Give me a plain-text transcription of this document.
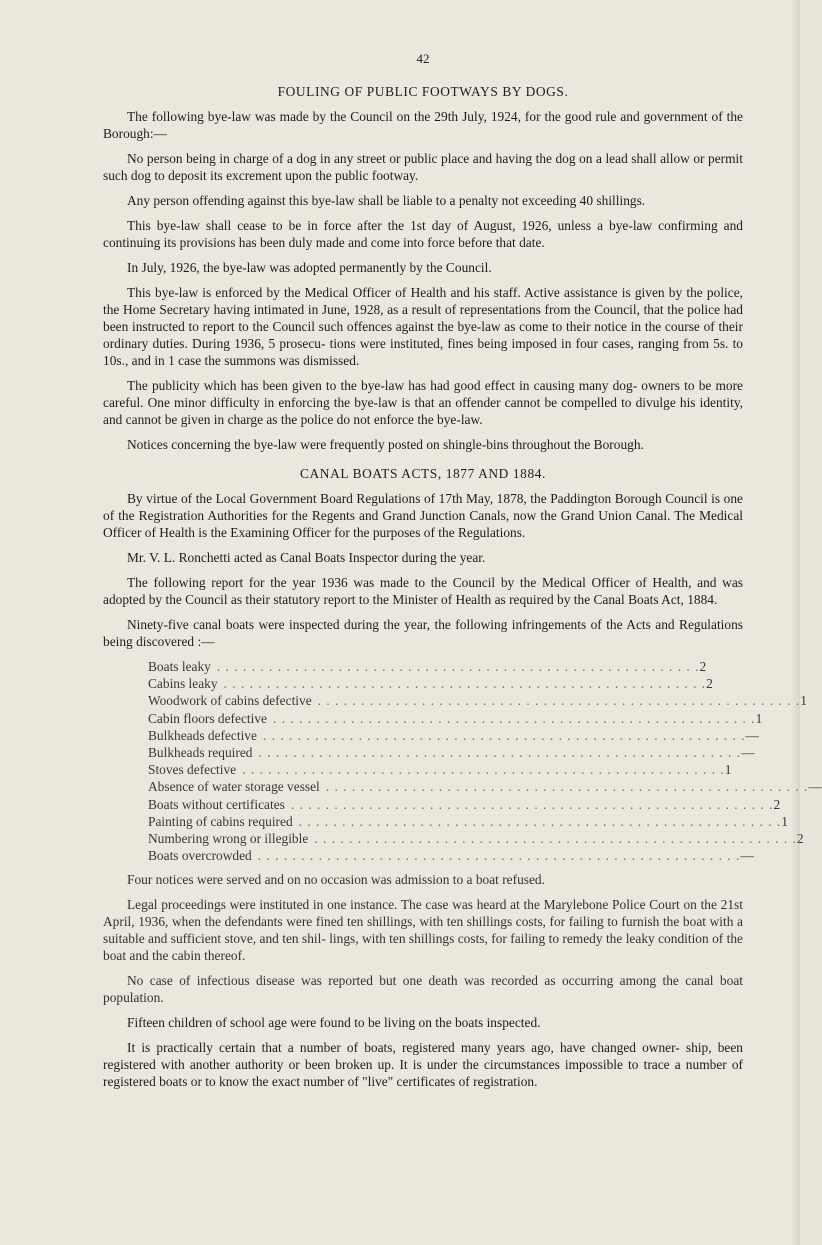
42
FOULING OF PUBLIC FOOTWAYS BY DOGS.

The following bye-law was made by the Council on the 29th July, 1924, for the good rule and government of the Borough:—

No person being in charge of a dog in any street or public place and having the dog on a lead shall allow or permit such dog to deposit its excrement upon the public footway.

Any person offending against this bye-law shall be liable to a penalty not exceeding 40 shillings.

This bye-law shall cease to be in force after the 1st day of August, 1926, unless a bye-law confirming and continuing its provisions has been duly made and come into force before that date.

In July, 1926, the bye-law was adopted permanently by the Council.

This bye-law is enforced by the Medical Officer of Health and his staff. Active assistance is given by the police, the Home Secretary having intimated in June, 1928, as a result of representations from the Council, that the police had been instructed to report to the Council such offences against the bye-law as come to their notice in the course of their ordinary duties. During 1936, 5 prosecu- tions were instituted, fines being imposed in four cases, ranging from 5s. to 10s., and in 1 case the summons was dismissed.

The publicity which has been given to the bye-law has had good effect in causing many dog- owners to be more careful. One minor difficulty in enforcing the bye-law is that an offender cannot be compelled to divulge his identity, and cannot be given in charge as the police do not enforce the bye-law.

Notices concerning the bye-law were frequently posted on shingle-bins throughout the Borough.

CANAL BOATS ACTS, 1877 AND 1884.

By virtue of the Local Government Board Regulations of 17th May, 1878, the Paddington Borough Council is one of the Registration Authorities for the Regents and Grand Junction Canals, now the Grand Union Canal. The Medical Officer of Health is the Examining Officer for the purposes of the Regulations.

Mr. V. L. Ronchetti acted as Canal Boats Inspector during the year.

The following report for the year 1936 was made to the Council by the Medical Officer of Health, and was adopted by the Council as their statutory report to the Minister of Health as required by the Canal Boats Act, 1884.

Ninety-five canal boats were inspected during the year, the following infringements of the Acts and Regulations being discovered :—

Boats leaky . . . . . . . . . . . . . . . . . . . . . . . . . . . . . . . . . . . . . . . . . . . . . . . . . . . . . . . . 2
Cabins leaky . . . . . . . . . . . . . . . . . . . . . . . . . . . . . . . . . . . . . . . . . . . . . . . . . . . . . . . . 2
Woodwork of cabins defective . . . . . . . . . . . . . . . . . . . . . . . . . . . . . . . . . . . . . . . . . . . . . . . . . . . . . . . . 1
Cabin floors defective . . . . . . . . . . . . . . . . . . . . . . . . . . . . . . . . . . . . . . . . . . . . . . . . . . . . . . . . 1
Bulkheads defective . . . . . . . . . . . . . . . . . . . . . . . . . . . . . . . . . . . . . . . . . . . . . . . . . . . . . . . . —
Bulkheads required . . . . . . . . . . . . . . . . . . . . . . . . . . . . . . . . . . . . . . . . . . . . . . . . . . . . . . . . —
Stoves defective . . . . . . . . . . . . . . . . . . . . . . . . . . . . . . . . . . . . . . . . . . . . . . . . . . . . . . . . 1
Absence of water storage vessel . . . . . . . . . . . . . . . . . . . . . . . . . . . . . . . . . . . . . . . . . . . . . . . . . . . . . . . . —
Boats without certificates . . . . . . . . . . . . . . . . . . . . . . . . . . . . . . . . . . . . . . . . . . . . . . . . . . . . . . . . 2
Painting of cabins required . . . . . . . . . . . . . . . . . . . . . . . . . . . . . . . . . . . . . . . . . . . . . . . . . . . . . . . . 1
Numbering wrong or illegible . . . . . . . . . . . . . . . . . . . . . . . . . . . . . . . . . . . . . . . . . . . . . . . . . . . . . . . . 2
Boats overcrowded . . . . . . . . . . . . . . . . . . . . . . . . . . . . . . . . . . . . . . . . . . . . . . . . . . . . . . . . —

Four notices were served and on no occasion was admission to a boat refused.

Legal proceedings were instituted in one instance. The case was heard at the Marylebone Police Court on the 21st April, 1936, when the defendants were fined ten shillings, with ten shillings costs, for failing to furnish the boat with a suitable and sufficient stove, and ten shil- lings, with ten shillings costs, for failing to remedy the leaky condition of the boat and the cabin thereof.

No case of infectious disease was reported but one death was recorded as occurring among the canal boat population.

Fifteen children of school age were found to be living on the boats inspected.

It is practically certain that a number of boats, registered many years ago, have changed owner- ship, been registered with another authority or been broken up. It is under the circumstances impossible to trace a number of registered boats or to know the exact number of "live" certificates of registration.
